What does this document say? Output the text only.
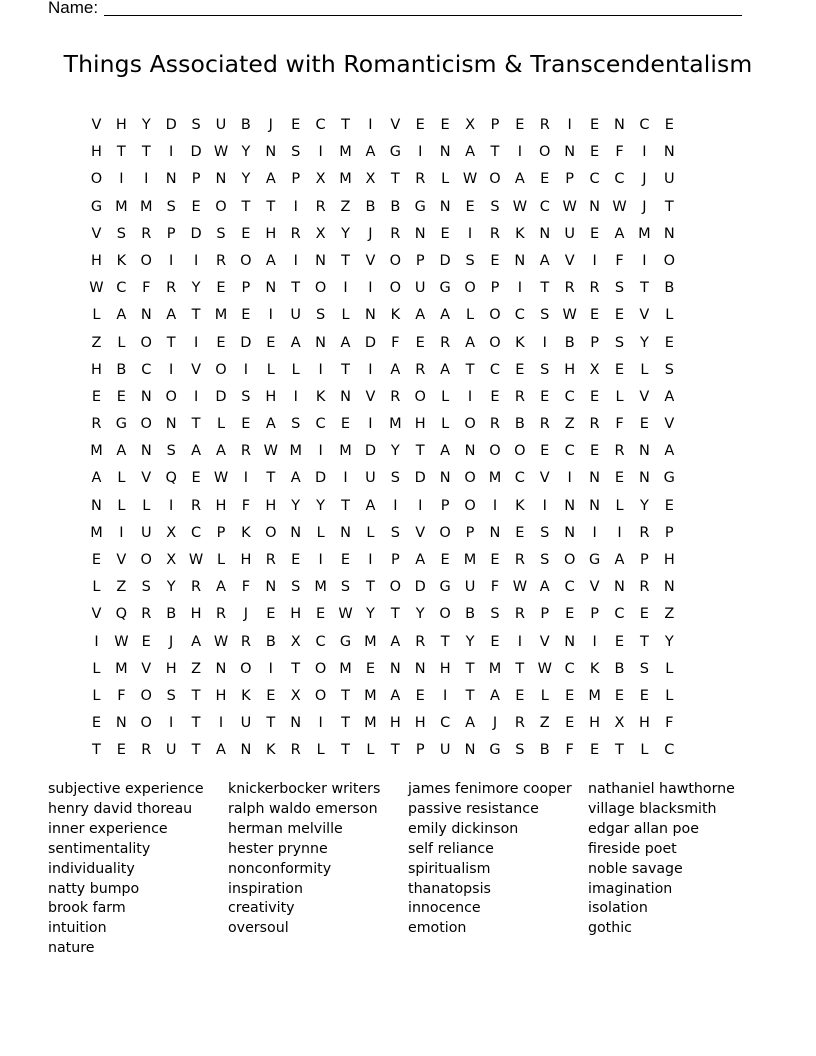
Name:
Things Associated with Romanticism & Transcendentalism
V	H	Y	D	S	U	B	J	E	C	T	I	V	E	E	X	P	E	R	I	E	N C	E
H	T	T	I	D W Y	N	S	I	M A G	I	N	A	T	I	O N	E	F	I	N
O	I	I	N	P	N	Y	A	P	X M X	T	R	L W O A	E	P	C	C	J	U
G M M S	E	O	T	T	I	R	Z	B	B G N	E	S W C W N W	J	T
V	S	R	P	D	S	E	H R	X	Y	J	R N	E	I	R	K	N U	E	A M N
H	K O	I	I	R O A	I	N	T	V O	P	D	S	E	N	A	V	I	F	I	O
W C	F	R	Y	E	P	N	T	O	I	I	O U G O	P	I	T	R	R	S	T	B
L	A	N	A	T M E	I	U	S	L	N	K	A	A	L	O C	S W E	E	V	L
Z	L	O	T	I	E	D	E	A	N	A D	F	E	R	A O K	I	B	P	S	Y	E
H B	C	I	V O	I	L	L	I	T	I	A	R	A	T	C	E	S	H X	E	L	S
E	E	N O	I	D	S	H	I	K	N	V	R O	L	I	E	R	E	C	E	L	V	A
R G O N	T	L	E	A	S	C	E	I	M H	L	O R	B	R	Z	R	F	E	V
M A	N	S	A	A	R W M	I	M D	Y	T	A	N O O	E	C	E	R N	A
A	L	V Q	E W	I	T	A D	I	U	S	D N O M C	V	I	N	E	N G
N	L	L	I	R H	F	H	Y	Y	T	A	I	I	P	O	I	K	I	N N	L	Y	E
M	I	U	X	C	P	K O N	L	N	L	S	V O	P	N	E	S	N	I	I	R	P
E	V O X W L	H R	E	I	E	I	P	A	E M E	R	S	O G A	P	H
L	Z	S	Y	R	A	F	N	S M S	T	O D G U	F W A	C	V	N R N
V Q R	B H R	J	E	H	E W Y	T	Y	O B	S	R	P	E	P	C	E	Z
I	W E	J	A W R	B	X	C G M A	R	T	Y	E	I	V	N	I	E	T	Y
L	M V	H Z	N O	I	T	O M E	N N H	T M T W C	K	B	S	L
L	F	O	S	T	H	K	E	X O	T M A	E	I	T	A	E	L	E M E	E	L
E	N O	I	T	I	U	T	N	I	T M H H C	A	J	R	Z	E	H X H	F
T	E	R	U	T	A	N	K	R	L	T	L	T	P	U N G	S	B	F	E	T	L	C
subjective experience
henry david thoreau
inner experience
sentimentality
individuality
natty bumpo
brook farm
intuition
nature
knickerbocker writers
ralph waldo emerson
herman melville
hester prynne
nonconformity
inspiration
creativity
oversoul
james fenimore cooper
passive resistance
emily dickinson
self reliance
spiritualism
thanatopsis
innocence
emotion
nathaniel hawthorne
village blacksmith
edgar allan poe
fireside poet
noble savage
imagination
isolation
gothic
